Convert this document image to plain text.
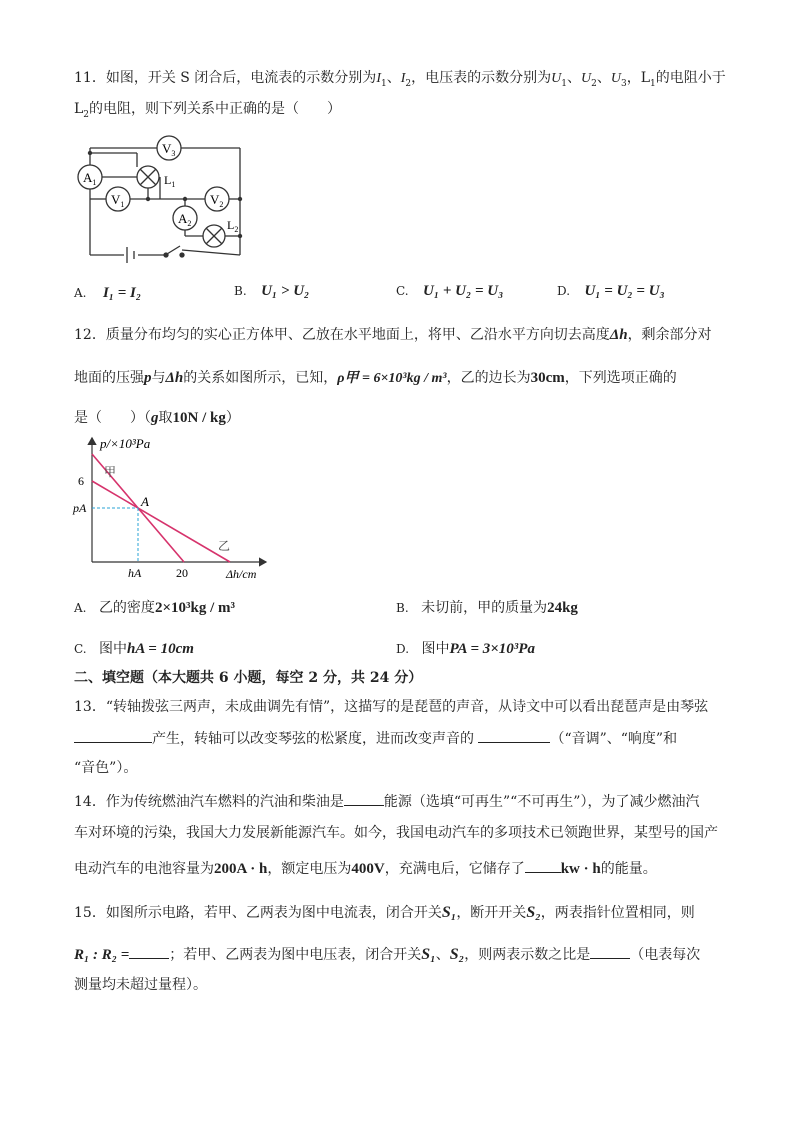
11．如图，开关 S 闭合后，电流表的示数分别为$I_1$、$I_2$，电压表的示数分别为$U_1$、$U_2$、$U_3$，$L_1$的电阻小于
$L_2$的电阻，则下列关系中正确的是（　　）
$V_3$
$A_1$	$L_1$
$V_1$	$V_2$
$A_2$	$L_2$
A. I₁ = I₂	B. U₁ > U₂	C. U₁ + U₂ = U₃	D. U₁ = U₂ = U₃
12．质量分布均匀的实心正方体甲、乙放在水平地面上，将甲、乙沿水平方向切去高度Δh，剩余部分对
地面的压强p与Δh的关系如图所示，已知，ρ甲 = 6×10³kg / m³，乙的边长为30cm，下列选项正确的
是（　　）（g取10N / kg）
p/×10³Pa
Δh/cm
甲
乙
A
6
pA
hA	20
A. 乙的密度2×10³kg / m³	B. 未切前，甲的质量为24kg
C. 图中hA = 10cm	D. 图中PA = 3×10³Pa
二、填空题（本大题共 6 小题，每空 2 分，共 24 分）
13．“转轴拨弦三两声，未成曲调先有情”，这描写的是琵琶的声音，从诗文中可以看出琵琶声是由琴弦
产生，转轴可以改变琴弦的松紧度，进而改变声音的	（“音调”、“响度”和
“音色”）。
14．作为传统燃油汽车燃料的汽油和柴油是	能源（选填“可再生”“不可再生”），为了减少燃油汽
车对环境的污染，我国大力发展新能源汽车。如今，我国电动汽车的多项技术已领跑世界，某型号的国产
电动汽车的电池容量为200A · h，额定电压为400V，充满电后，它储存了 kw · h的能量。
15．如图所示电路，若甲、乙两表为图中电流表，闭合开关S₁，断开开关S₂，两表指针位置相同，则
R₁ : R₂ =	；若甲、乙两表为图中电压表，闭合开关S₁、S₂，则两表示数之比是	（电表每次
测量均未超过量程）。
